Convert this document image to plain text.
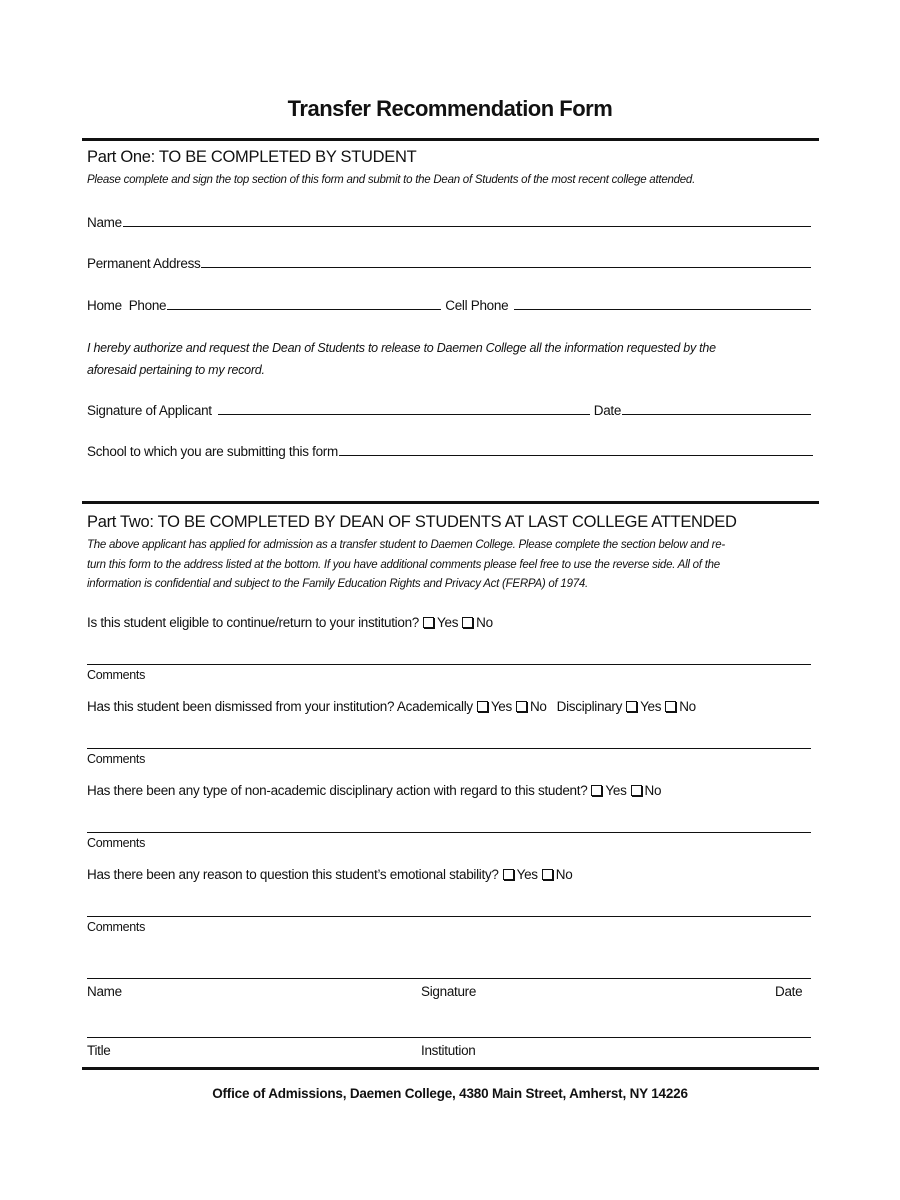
Transfer Recommendation Form
Part One: TO BE COMPLETED BY STUDENT
Please complete and sign the top section of this form and submit to the Dean of Students of the most recent college attended.
Name
Permanent Address
Home  Phone	Cell Phone
I hereby authorize and request the Dean of Students to release to Daemen College all the information requested by the
aforesaid pertaining to my record.
Signature of Applicant	Date
School to which you are submitting this form
Part Two: TO BE COMPLETED BY DEAN OF STUDENTS AT LAST COLLEGE ATTENDED
The above applicant has applied for admission as a transfer student to Daemen College. Please complete the section below and re-
turn this form to the address listed at the bottom. If you have additional comments please feel free to use the reverse side. All of the
information is confidential and subject to the Family Education Rights and Privacy Act (FERPA) of 1974.
Is this student eligible to continue/return to your institution? Yes No
Comments
Has this student been dismissed from your institution? Academically Yes No Disciplinary Yes No
Comments
Has there been any type of non-academic disciplinary action with regard to this student? Yes No
Comments
Has there been any reason to question this student’s emotional stability? Yes No
Comments
Name	Signature	Date
Title	Institution
Office of Admissions, Daemen College, 4380 Main Street, Amherst, NY 14226
